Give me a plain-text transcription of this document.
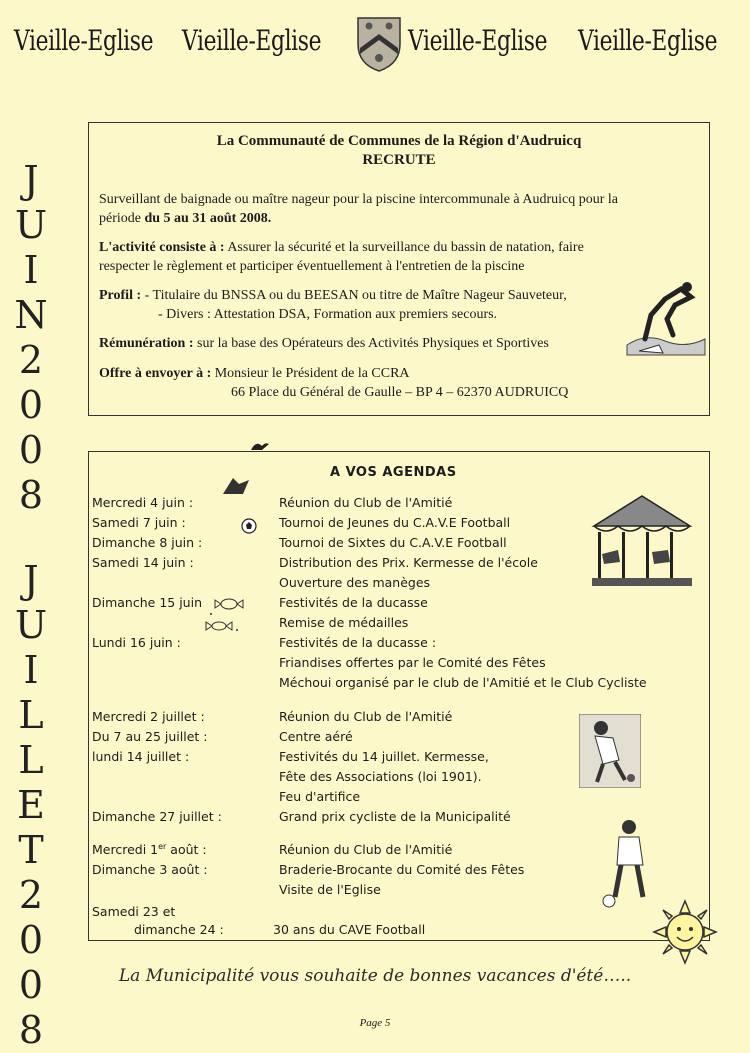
Vieille-Eglise Vieille-Eglise	Vieille-Eglise Vieille-Eglise
J
U
I
N
2
0
0
8
J
U
I
L
L
E
T
2
0
0
8
La Communauté de Communes de la Région d'Audruicq
RECRUTE

Surveillant de baignade ou maître nageur pour la piscine intercommunale à Audruicq pour la
période du 5 au 31 août 2008.

L'activité consiste à : Assurer la sécurité et la surveillance du bassin de natation, faire
respecter le règlement et participer éventuellement à l'entretien de la piscine

Profil : - Titulaire du BNSSA ou du BEESAN ou titre de Maître Nageur Sauveteur,
- Divers : Attestation DSA, Formation aux premiers secours.

Rémunération : sur la base des Opérateurs des Activités Physiques et Sportives

Offre à envoyer à : Monsieur le Président de la CCRA
66 Place du Général de Gaulle – BP 4 – 62370 AUDRUICQ

A VOS AGENDAS
Mercredi 4 juin :	Réunion du Club de l'Amitié
Samedi 7 juin :	Tournoi de Jeunes du C.A.V.E Football
Dimanche 8 juin :	Tournoi de Sixtes du C.A.V.E Football
Samedi 14 juin :	Distribution des Prix. Kermesse de l'école
Ouverture des manèges
Dimanche 15 juin	Festivités de la ducasse
Remise de médailles
Lundi 16 juin :	Festivités de la ducasse :
Friandises offertes par le Comité des Fêtes
Méchoui organisé par le club de l'Amitié et le Club Cycliste
Mercredi 2 juillet :	Réunion du Club de l'Amitié
Du 7 au 25 juillet :	Centre aéré
lundi 14 juillet :	Festivités du 14 juillet. Kermesse,
Fête des Associations (loi 1901).
Feu d'artifice
Dimanche 27 juillet :	Grand prix cycliste de la Municipalité
Mercredi 1er août :	Réunion du Club de l'Amitié
Dimanche 3 août :	Braderie-Brocante du Comité des Fêtes
Visite de l'Eglise
Samedi 23 et
dimanche 24 :	30 ans du CAVE Football
La Municipalité vous souhaite de bonnes vacances d'été…..
Page 5
